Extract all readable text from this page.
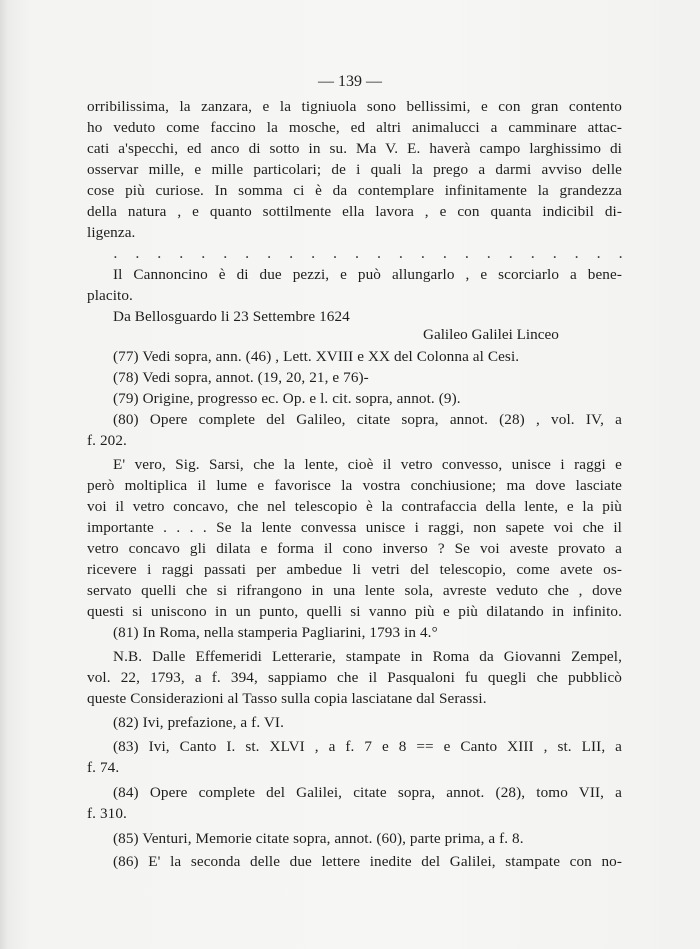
— 139 —
orribilissima, la zanzara, e la tigniuola sono bellissimi, e con gran contento
ho veduto come faccino la mosche, ed altri animalucci a camminare attac-
cati a'specchi, ed anco di sotto in su. Ma V. E. haverà campo larghissimo di
osservar mille, e mille particolari; de i quali la prego a darmi avviso delle
cose più curiose. In somma ci è da contemplare infinitamente la grandezza
della natura , e quanto sottilmente ella lavora , e con quanta indicibil di-
ligenza.
. . . . . . . . . . . . . . . . . . . . . . . .
Il Cannoncino è di due pezzi, e può allungarlo , e scorciarlo a bene-
placito.
Da Bellosguardo li 23 Settembre 1624
Galileo Galilei Linceo
(77) Vedi sopra, ann. (46) , Lett. XVIII e XX del Colonna al Cesi.
(78) Vedi sopra, annot. (19, 20, 21, e 76)-
(79) Origine, progresso ec. Op. e l. cit. sopra, annot. (9).
(80) Opere complete del Galileo, citate sopra, annot. (28) , vol. IV, a
f. 202.
E' vero, Sig. Sarsi, che la lente, cioè il vetro convesso, unisce i raggi e
però moltiplica il lume e favorisce la vostra conchiusione; ma dove lasciate
voi il vetro concavo, che nel telescopio è la contrafaccia della lente, e la più
importante . . . . Se la lente convessa unisce i raggi, non sapete voi che il
vetro concavo gli dilata e forma il cono inverso ? Se voi aveste provato a
ricevere i raggi passati per ambedue li vetri del telescopio, come avete os-
servato quelli che si rifrangono in una lente sola, avreste veduto che , dove
questi si uniscono in un punto, quelli si vanno più e più dilatando in infinito.
(81) In Roma, nella stamperia Pagliarini, 1793 in 4.°
N.B. Dalle Effemeridi Letterarie, stampate in Roma da Giovanni Zempel,
vol. 22, 1793, a f. 394, sappiamo che il Pasqualoni fu quegli che pubblicò
queste Considerazioni al Tasso sulla copia lasciatane dal Serassi.
(82) Ivi, prefazione, a f. VI.
(83) Ivi, Canto I. st. XLVI , a f. 7 e 8 == e Canto XIII , st. LII, a
f. 74.
(84) Opere complete del Galilei, citate sopra, annot. (28), tomo VII, a
f. 310.
(85) Venturi, Memorie citate sopra, annot. (60), parte prima, a f. 8.
(86) E' la seconda delle due lettere inedite del Galilei, stampate con no-
